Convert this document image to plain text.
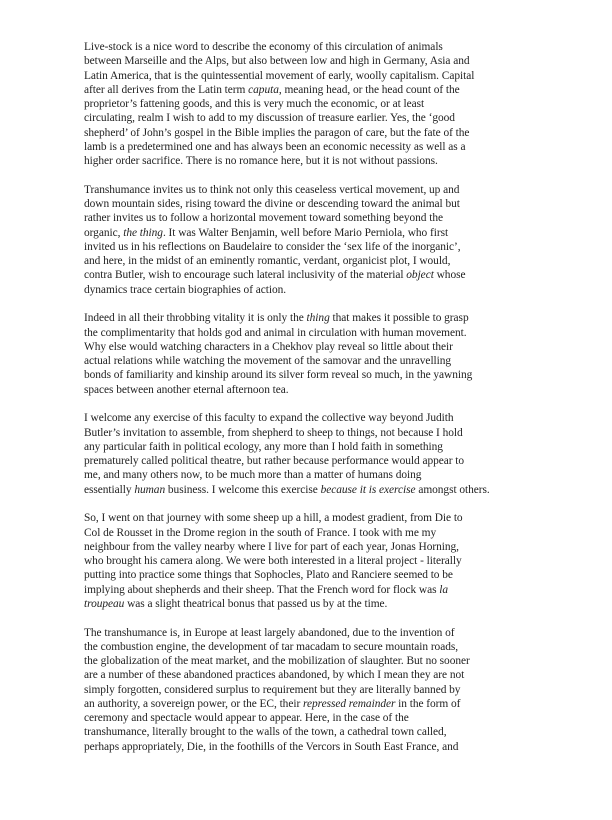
Live-stock is a nice word to describe the economy of this circulation of animals
between Marseille and the Alps, but also between low and high in Germany, Asia and
Latin America, that is the quintessential movement of early, woolly capitalism. Capital
after all derives from the Latin term caputa, meaning head, or the head count of the
proprietor’s fattening goods, and this is very much the economic, or at least
circulating, realm I wish to add to my discussion of treasure earlier. Yes, the ‘good
shepherd’ of John’s gospel in the Bible implies the paragon of care, but the fate of the
lamb is a predetermined one and has always been an economic necessity as well as a
higher order sacrifice. There is no romance here, but it is not without passions.

Transhumance invites us to think not only this ceaseless vertical movement, up and
down mountain sides, rising toward the divine or descending toward the animal but
rather invites us to follow a horizontal movement toward something beyond the
organic, the thing. It was Walter Benjamin, well before Mario Perniola, who first
invited us in his reflections on Baudelaire to consider the ‘sex life of the inorganic’,
and here, in the midst of an eminently romantic, verdant, organicist plot, I would,
contra Butler, wish to encourage such lateral inclusivity of the material object whose
dynamics trace certain biographies of action.

Indeed in all their throbbing vitality it is only the thing that makes it possible to grasp
the complimentarity that holds god and animal in circulation with human movement.
Why else would watching characters in a Chekhov play reveal so little about their
actual relations while watching the movement of the samovar and the unravelling
bonds of familiarity and kinship around its silver form reveal so much, in the yawning
spaces between another eternal afternoon tea.

I welcome any exercise of this faculty to expand the collective way beyond Judith
Butler’s invitation to assemble, from shepherd to sheep to things, not because I hold
any particular faith in political ecology, any more than I hold faith in something
prematurely called political theatre, but rather because performance would appear to
me, and many others now, to be much more than a matter of humans doing
essentially human business. I welcome this exercise because it is exercise amongst others.

So, I went on that journey with some sheep up a hill, a modest gradient, from Die to
Col de Rousset in the Drome region in the south of France. I took with me my
neighbour from the valley nearby where I live for part of each year, Jonas Horning,
who brought his camera along. We were both interested in a literal project - literally
putting into practice some things that Sophocles, Plato and Ranciere seemed to be
implying about shepherds and their sheep. That the French word for flock was la
troupeau was a slight theatrical bonus that passed us by at the time.

The transhumance is, in Europe at least largely abandoned, due to the invention of
the combustion engine, the development of tar macadam to secure mountain roads,
the globalization of the meat market, and the mobilization of slaughter. But no sooner
are a number of these abandoned practices abandoned, by which I mean they are not
simply forgotten, considered surplus to requirement but they are literally banned by
an authority, a sovereign power, or the EC, their repressed remainder in the form of
ceremony and spectacle would appear to appear. Here, in the case of the
transhumance, literally brought to the walls of the town, a cathedral town called,
perhaps appropriately, Die, in the foothills of the Vercors in South East France, and
